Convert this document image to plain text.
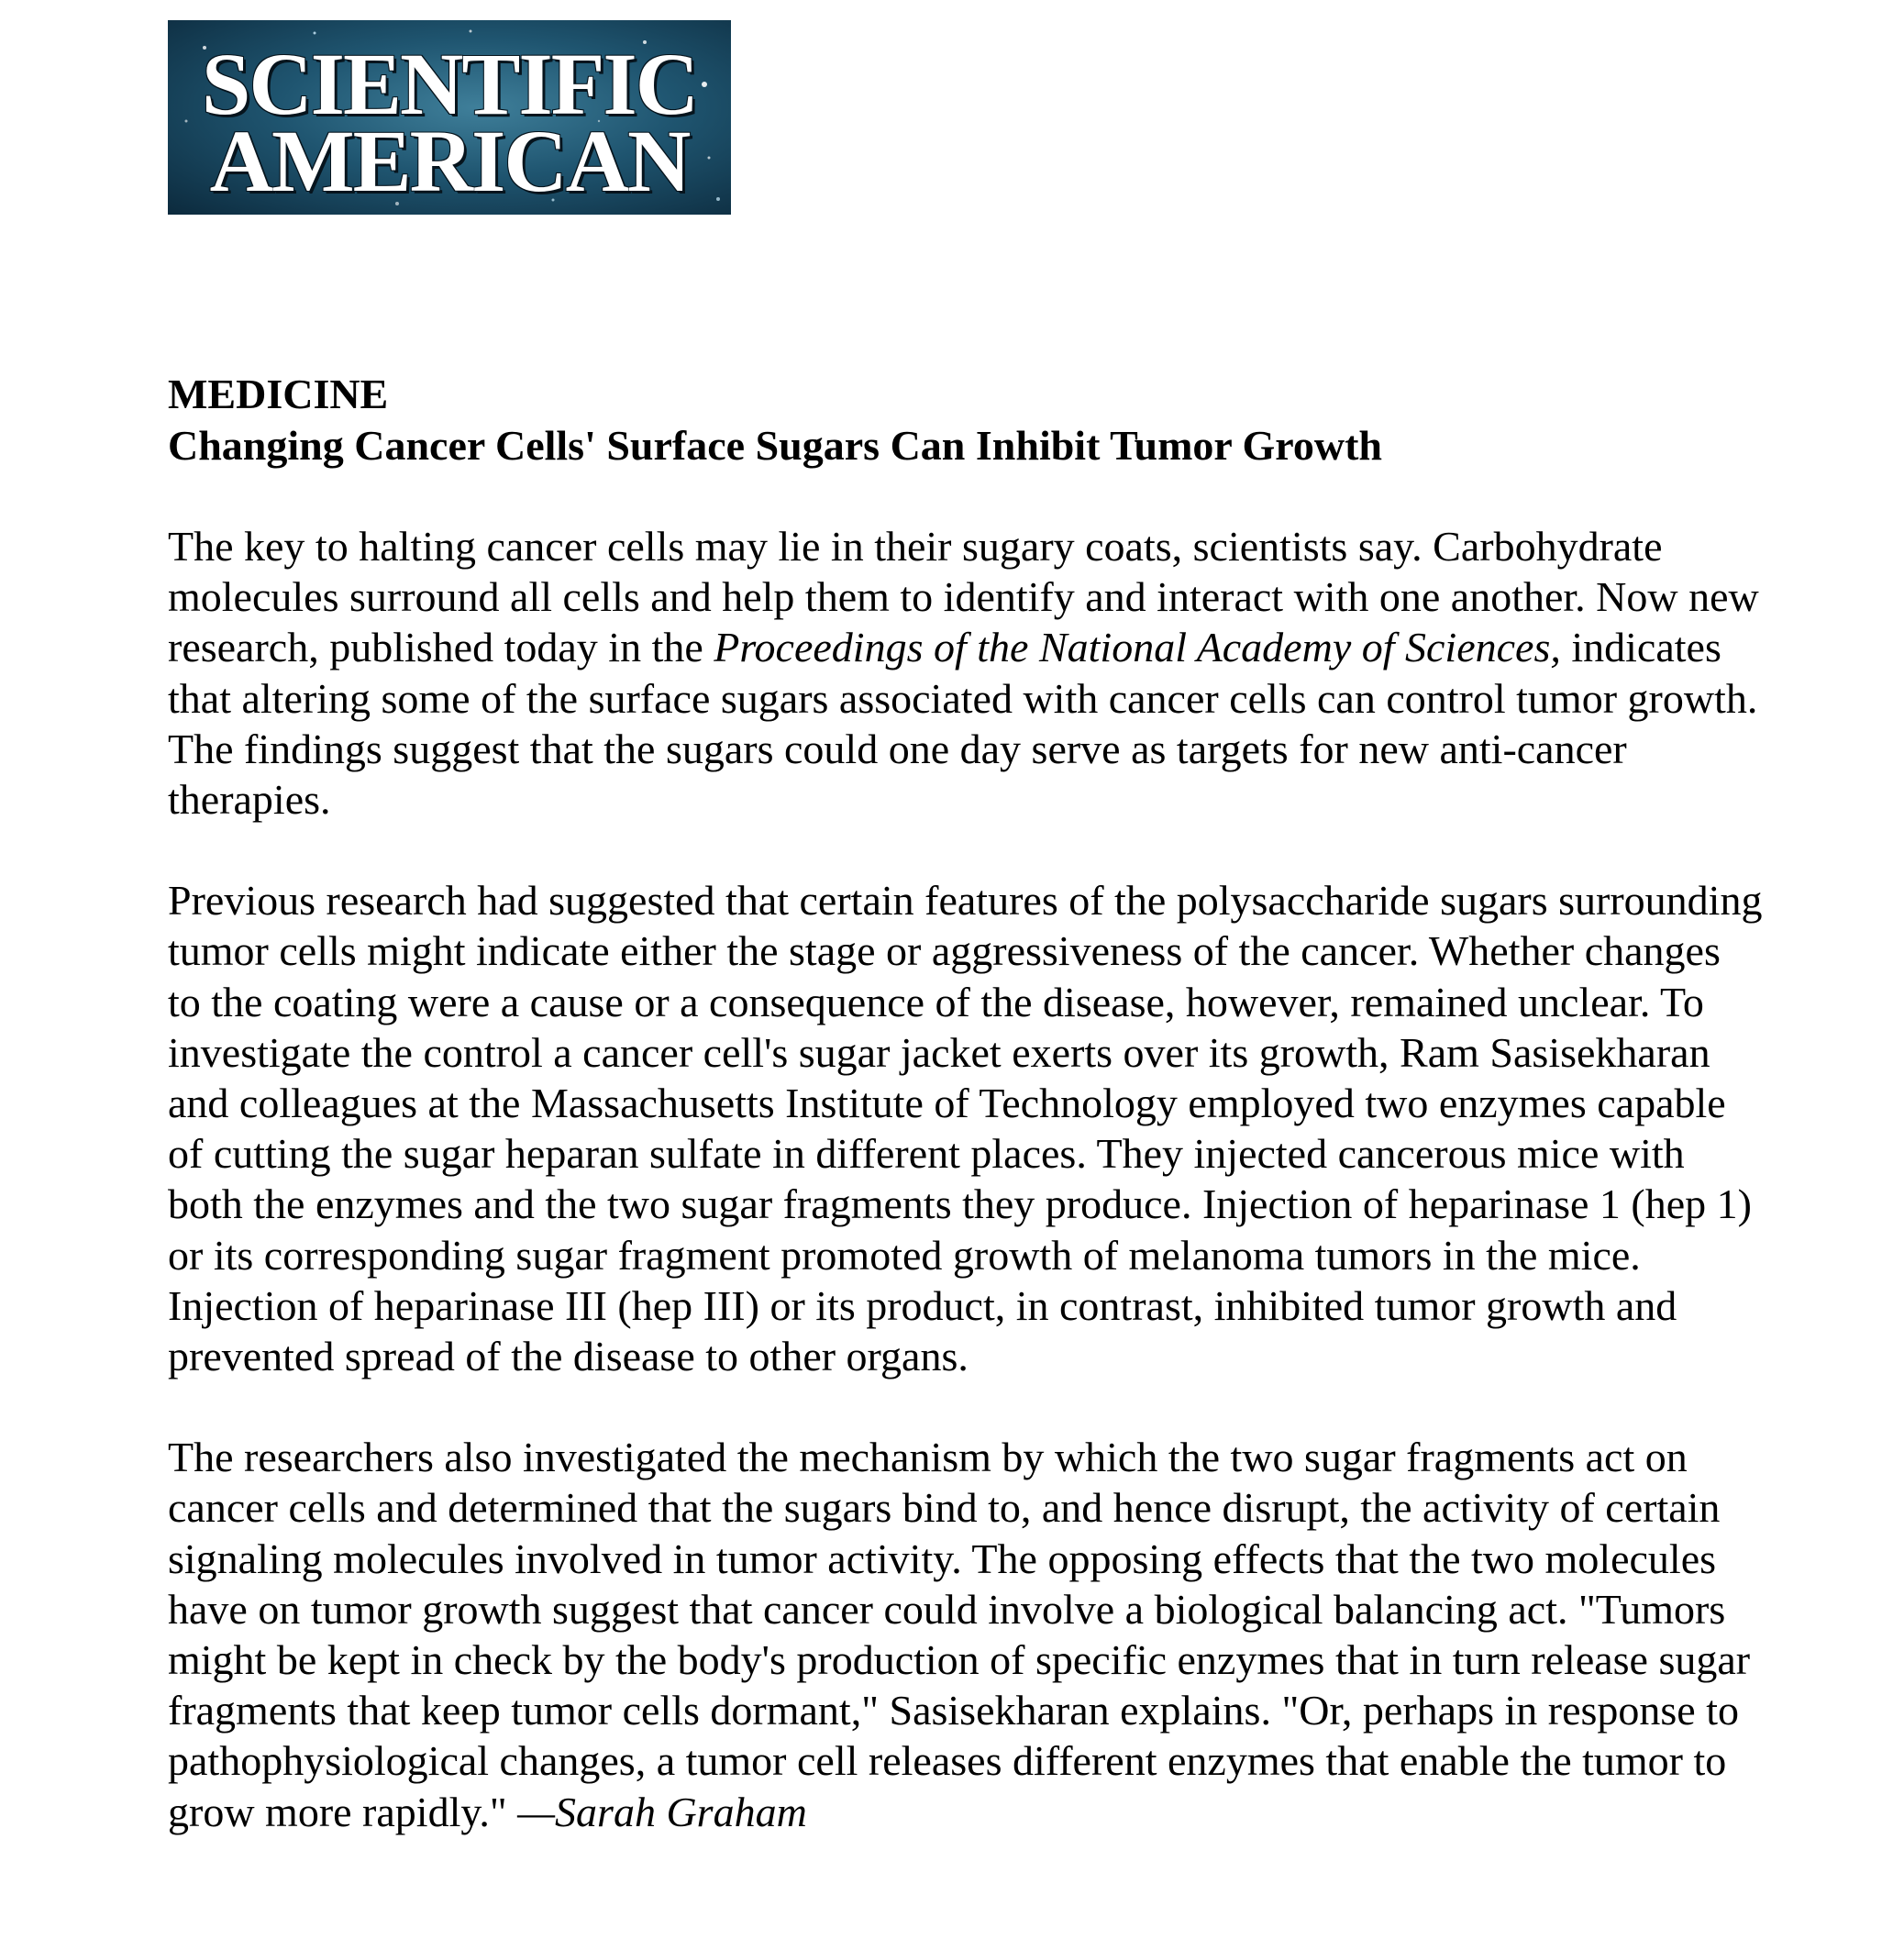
SCIENTIFIC
AMERICAN
MEDICINE
Changing Cancer Cells' Surface Sugars Can Inhibit Tumor Growth

The key to halting cancer cells may lie in their sugary coats, scientists say. Carbohydrate molecules surround all cells and help them to identify and interact with one another. Now new research, published today in the Proceedings of the National Academy of Sciences, indicates that altering some of the surface sugars associated with cancer cells can control tumor growth. The findings suggest that the sugars could one day serve as targets for new anti-cancer therapies.

Previous research had suggested that certain features of the polysaccharide sugars surrounding tumor cells might indicate either the stage or aggressiveness of the cancer. Whether changes to the coating were a cause or a consequence of the disease, however, remained unclear. To investigate the control a cancer cell's sugar jacket exerts over its growth, Ram Sasisekharan and colleagues at the Massachusetts Institute of Technology employed two enzymes capable of cutting the sugar heparan sulfate in different places. They injected cancerous mice with both the enzymes and the two sugar fragments they produce. Injection of heparinase 1 (hep 1) or its corresponding sugar fragment promoted growth of melanoma tumors in the mice. Injection of heparinase III (hep III) or its product, in contrast, inhibited tumor growth and prevented spread of the disease to other organs.

The researchers also investigated the mechanism by which the two sugar fragments act on cancer cells and determined that the sugars bind to, and hence disrupt, the activity of certain signaling molecules involved in tumor activity. The opposing effects that the two molecules have on tumor growth suggest that cancer could involve a biological balancing act. "Tumors might be kept in check by the body's production of specific enzymes that in turn release sugar fragments that keep tumor cells dormant," Sasisekharan explains. "Or, perhaps in response to pathophysiological changes, a tumor cell releases different enzymes that enable the tumor to grow more rapidly." —Sarah Graham
